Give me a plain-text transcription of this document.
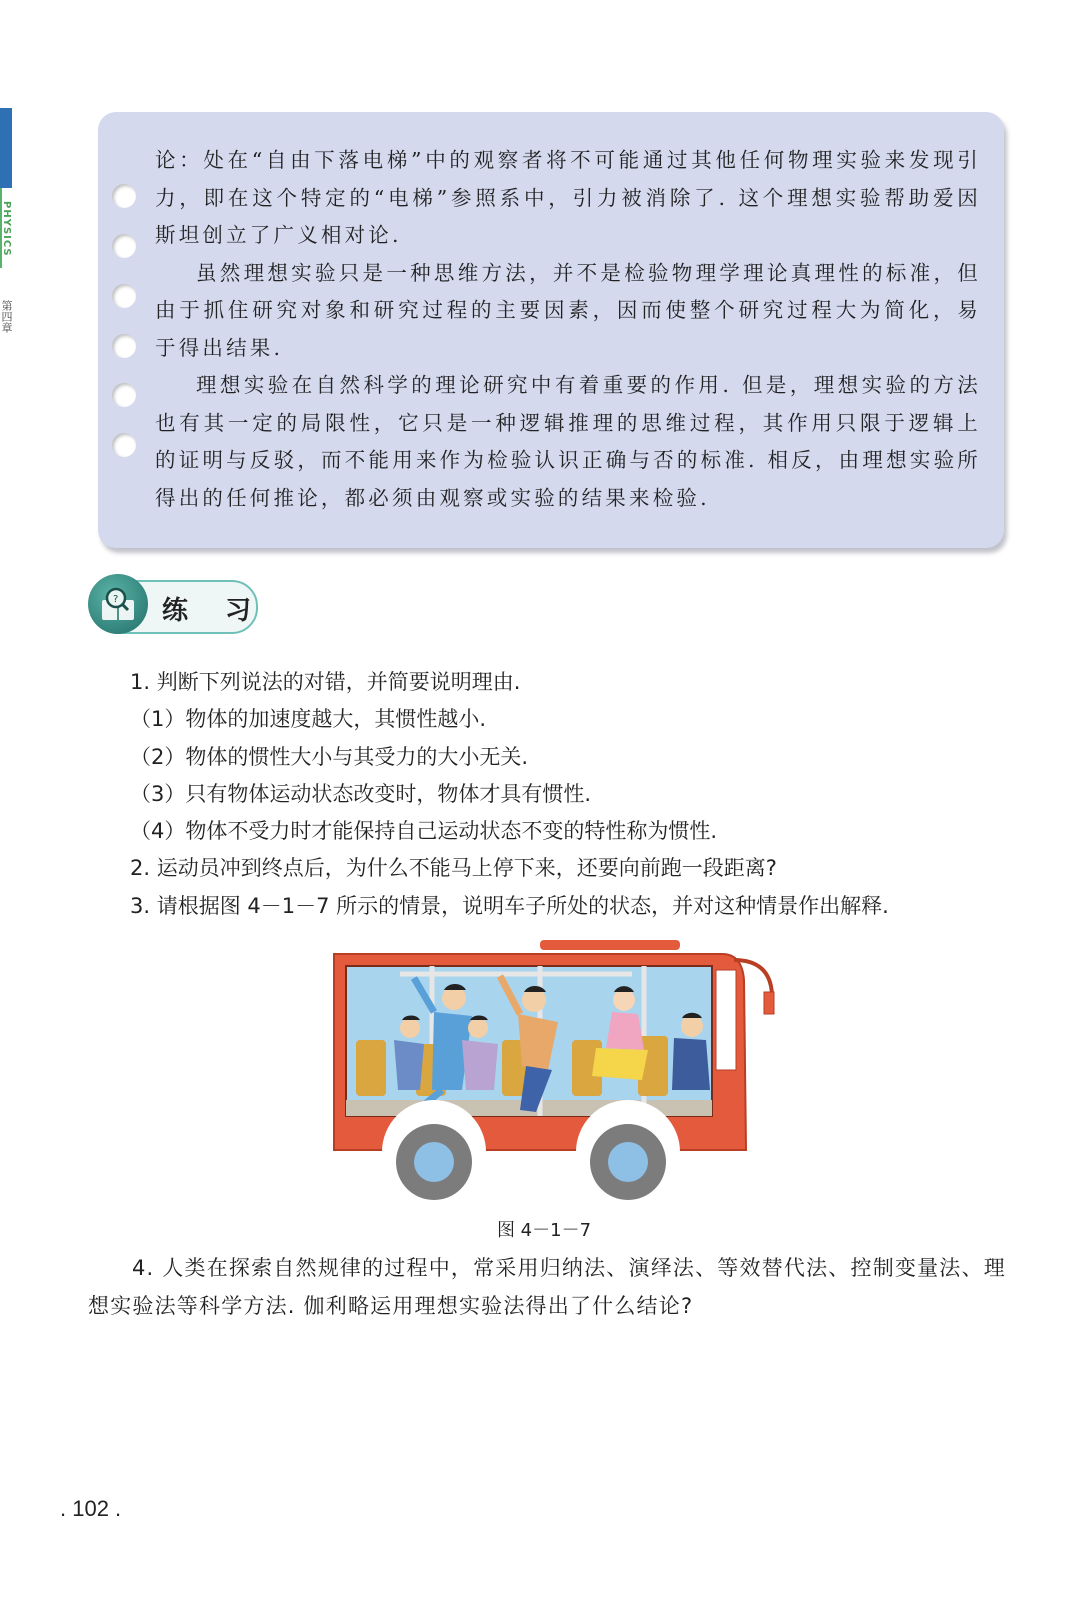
PHYSICS
第四章

论：处在“自由下落电梯”中的观察者将不可能通过其他任何物理实验来发现引力，即在这个特定的“电梯”参照系中，引力被消除了. 这个理想实验帮助爱因斯坦创立了广义相对论.

虽然理想实验只是一种思维方法，并不是检验物理学理论真理性的标准，但由于抓住研究对象和研究过程的主要因素，因而使整个研究过程大为简化，易于得出结果.

理想实验在自然科学的理论研究中有着重要的作用. 但是，理想实验的方法也有其一定的局限性，它只是一种逻辑推理的思维过程，其作用只限于逻辑上的证明与反驳，而不能用来作为检验认识正确与否的标准. 相反，由理想实验所得出的任何推论，都必须由观察或实验的结果来检验.

? 练 习
1. 判断下列说法的对错，并简要说明理由.
（1）物体的加速度越大，其惯性越小.
（2）物体的惯性大小与其受力的大小无关.
（3）只有物体运动状态改变时，物体才具有惯性.
（4）物体不受力时才能保持自己运动状态不变的特性称为惯性.
2. 运动员冲到终点后，为什么不能马上停下来，还要向前跑一段距离?
3. 请根据图 4－1－7 所示的情景，说明车子所处的状态，并对这种情景作出解释.
图 4－1－7
4. 人类在探索自然规律的过程中，常采用归纳法、演绎法、等效替代法、控制变量法、理想实验法等科学方法. 伽利略运用理想实验法得出了什么结论?
. 102 .
